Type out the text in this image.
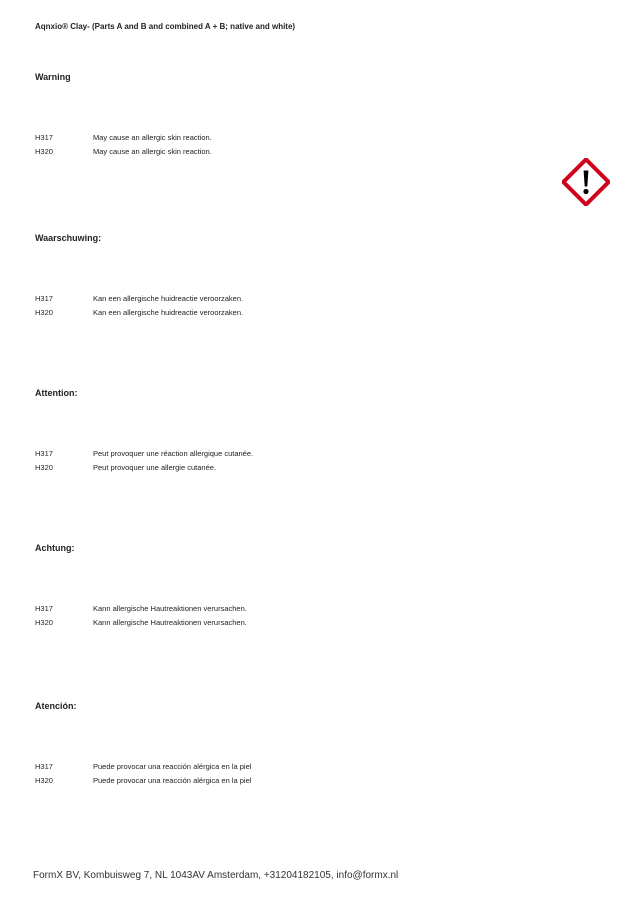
Aqnxio® Clay- (Parts A and B and combined A + B; native and white)
Warning
H317	May cause an allergic skin reaction.
H320	May cause an allergic skin reaction.
Waarschuwing:
H317	Kan een allergische huidreactie veroorzaken.
H320	Kan een allergische huidreactie veroorzaken.
Attention:
H317	Peut provoquer une réaction allergique cutanée.
H320	Peut provoquer une allergie cutanée.
Achtung:
H317	Kann allergische Hautreaktionen verursachen.
H320	Kann allergische Hautreaktionen verursachen.
Atención:
H317	Puede provocar una reacción alérgica en la piel
H320	Puede provocar una reacción alérgica en la piel
FormX BV, Kombuisweg 7, NL 1043AV Amsterdam, +31204182105, info@formx.nl
